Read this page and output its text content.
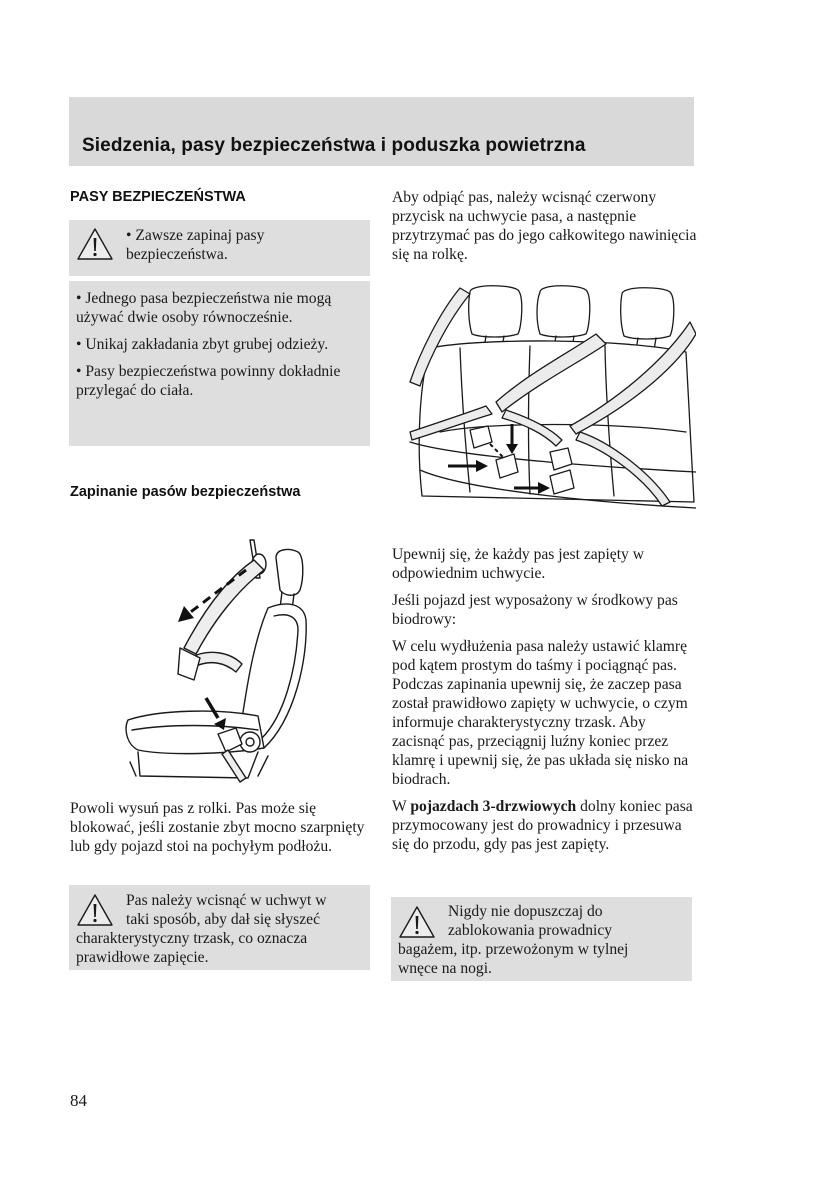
Siedzenia, pasy bezpieczeństwa i poduszka powietrzna
PASY BEZPIECZEŃSTWA
• Zawsze zapinaj pasy
bezpieczeństwa.

• Jednego pasa bezpieczeństwa nie mogą używać dwie osoby równocześnie.

• Unikaj zakładania zbyt grubej odzieży.

• Pasy bezpieczeństwa powinny dokładnie przylegać do ciała.

Zapinanie pasów bezpieczeństwa
Powoli wysuń pas z rolki. Pas może się blokować, jeśli zostanie zbyt mocno szarpnięty lub gdy pojazd stoi na pochyłym podłożu.
Pas należy wcisnąć w uchwyt w
taki sposób, aby dał się słyszeć
charakterystyczny trzask, co oznacza
prawidłowe zapięcie.
Aby odpiąć pas, należy wcisnąć czerwony przycisk na uchwycie pasa, a następnie przytrzymać pas do jego całkowitego nawinięcia się na rolkę.

Upewnij się, że każdy pas jest zapięty w odpowiednim uchwycie.

Jeśli pojazd jest wyposażony w środkowy pas biodrowy:

W celu wydłużenia pasa należy ustawić klamrę pod kątem prostym do taśmy i pociągnąć pas. Podczas zapinania upewnij się, że zaczep pasa został prawidłowo zapięty w uchwycie, o czym informuje charakterystyczny trzask. Aby zacisnąć pas, przeciągnij luźny koniec przez klamrę i upewnij się, że pas układa się nisko na biodrach.

W pojazdach 3-drzwiowych dolny koniec pasa przymocowany jest do prowadnicy i przesuwa się do przodu, gdy pas jest zapięty.

Nigdy nie dopuszczaj do
zablokowania prowadnicy
bagażem, itp. przewożonym w tylnej
wnęce na nogi.
84
